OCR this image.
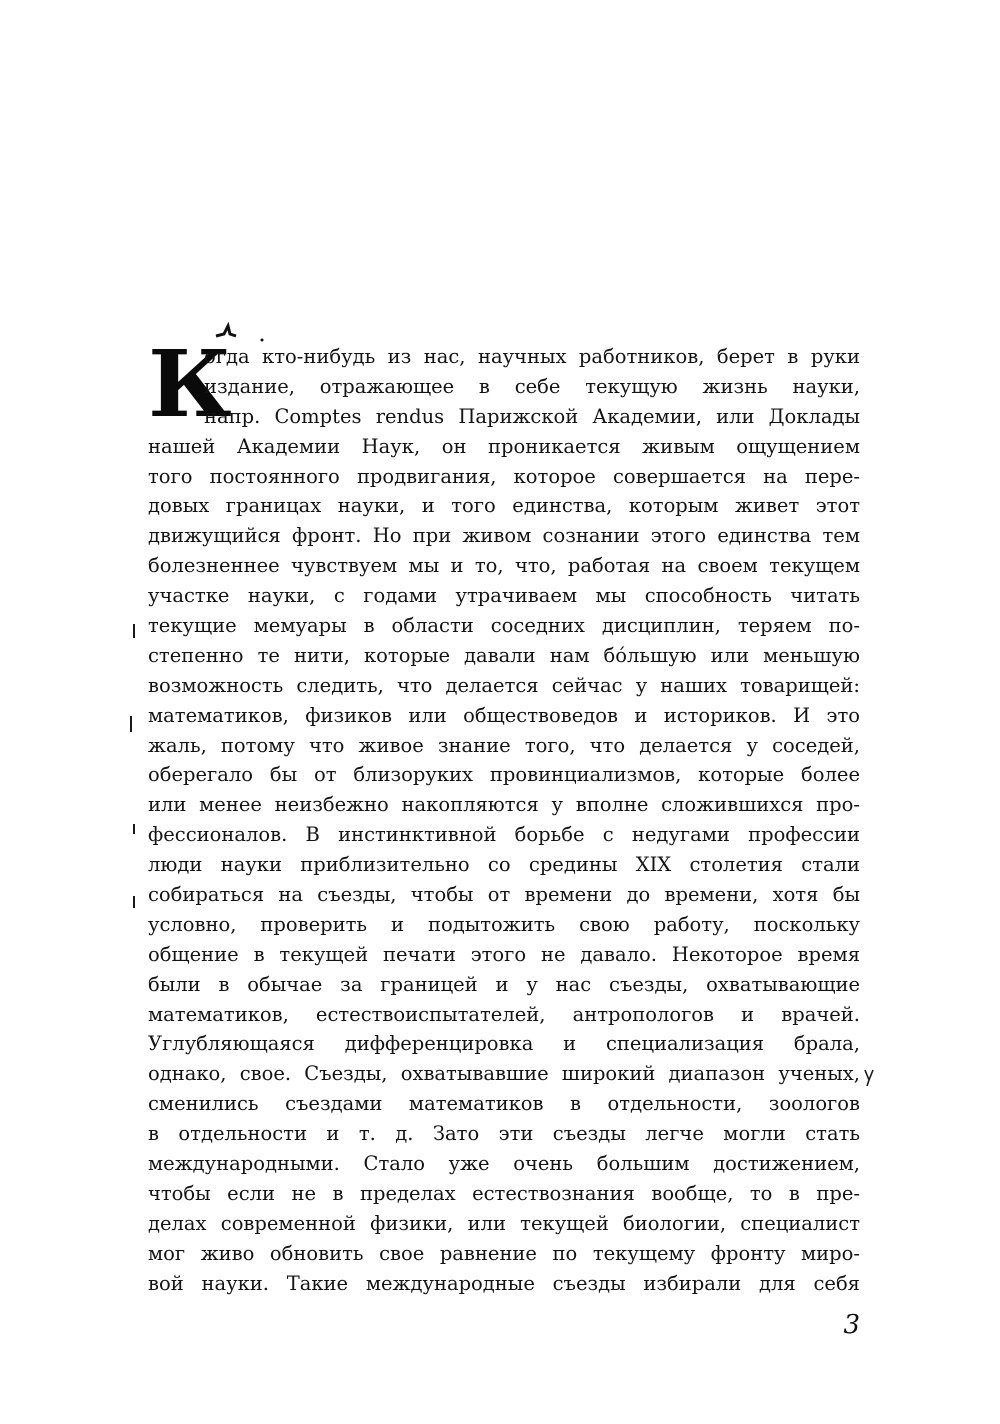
К
огда кто-нибудь из нас, научных работников, берет в руки
издание, отражающее в себе текущую жизнь науки,
напр. Comptes rendus Парижской Академии, или Доклады
нашей Академии Наук, он проникается живым ощущением
того постоянного продвигания, которое совершается на пере-
довых границах науки, и того единства, которым живет этот
движущийся фронт. Но при живом сознании этого единства тем
болезненнее чувствуем мы и то, что, работая на своем текущем
участке науки, с годами утрачиваем мы способность читать
текущие мемуары в области соседних дисциплин, теряем по-
степенно те нити, которые давали нам бо́льшую или меньшую
возможность следить, что делается сейчас у наших товарищей:
математиков, физиков или обществоведов и историков. И это
жаль, потому что живое знание того, что делается у соседей,
оберегало бы от близоруких провинциализмов, которые более
или менее неизбежно накопляются у вполне сложившихся про-
фессионалов. В инстинктивной борьбе с недугами профессии
люди науки приблизительно со средины XIX столетия стали
собираться на съезды, чтобы от времени до времени, хотя бы
условно, проверить и подытожить свою работу, поскольку
общение в текущей печати этого не давало. Некоторое время
были в обычае за границей и у нас съезды, охватывающие
математиков, естествоиспытателей, антропологов и врачей.
Углубляющаяся дифференцировка и специализация брала,
однако, свое. Съезды, охватывавшие широкий диапазон ученых,
сменились съездами математиков в отдельности, зоологов
в отдельности и т. д. Зато эти съезды легче могли стать
международными. Стало уже очень большим достижением,
чтобы если не в пределах естествознания вообще, то в пре-
делах современной физики, или текущей биологии, специалист
мог живо обновить свое равнение по текущему фронту миро-
вой науки. Такие международные съезды избирали для себя
3
